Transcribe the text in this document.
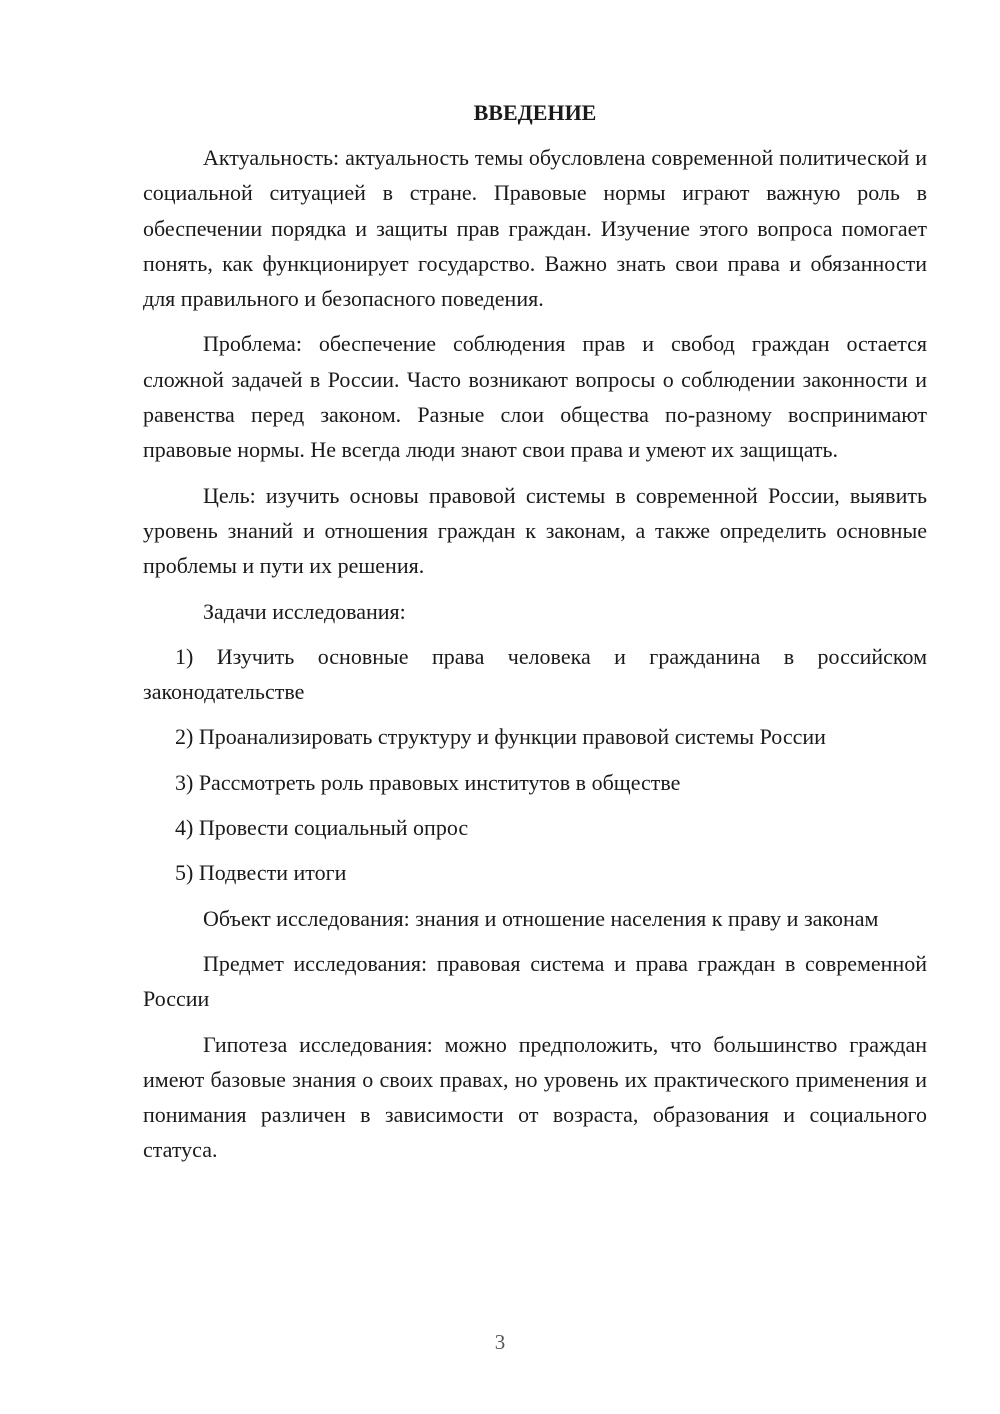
ВВЕДЕНИЕ

Актуальность: актуальность темы обусловлена современной политической и социальной ситуацией в стране. Правовые нормы играют важную роль в обеспечении порядка и защиты прав граждан. Изучение этого вопроса помогает понять, как функционирует государство. Важно знать свои права и обязанности для правильного и безопасного поведения.

Проблема: обеспечение соблюдения прав и свобод граждан остается сложной задачей в России. Часто возникают вопросы о соблюдении законности и равенства перед законом. Разные слои общества по-разному воспринимают правовые нормы. Не всегда люди знают свои права и умеют их защищать.

Цель: изучить основы правовой системы в современной России, выявить уровень знаний и отношения граждан к законам, а также определить основные проблемы и пути их решения.

Задачи исследования:

1) Изучить основные права человека и гражданина в российском законодательстве

2) Проанализировать структуру и функции правовой системы России

3) Рассмотреть роль правовых институтов в обществе

4) Провести социальный опрос

5) Подвести итоги

Объект исследования: знания и отношение населения к праву и законам

Предмет исследования: правовая система и права граждан в современной России

Гипотеза исследования: можно предположить, что большинство граждан имеют базовые знания о своих правах, но уровень их практического применения и понимания различен в зависимости от возраста, образования и социального статуса.

3
